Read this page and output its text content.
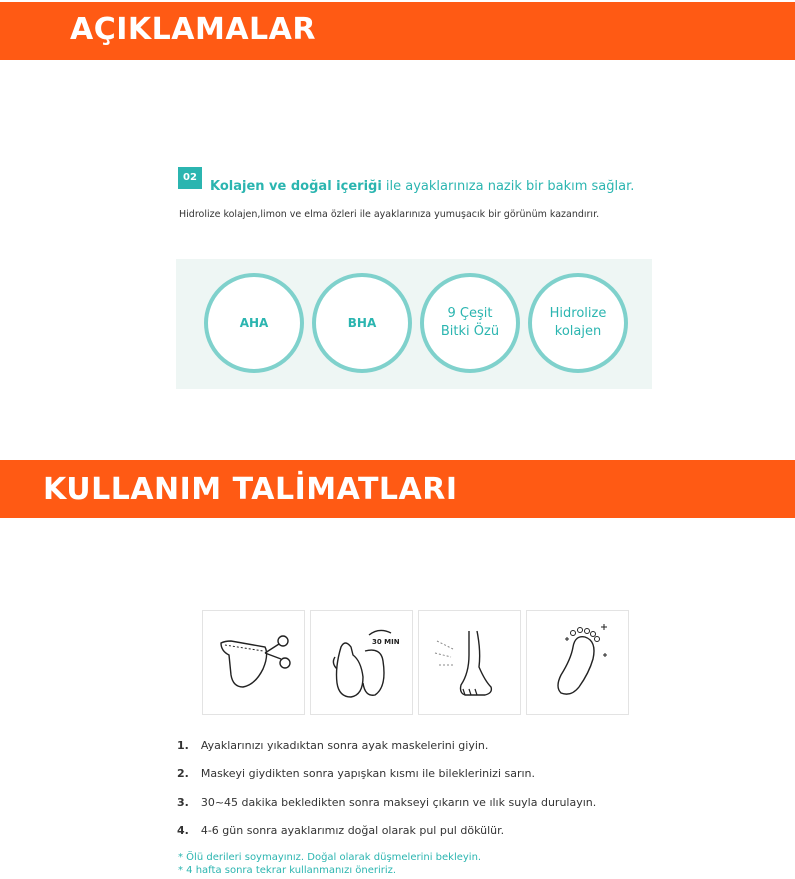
AÇIKLAMALAR
02
Kolajen ve doğal içeriği ile ayaklarınıza nazik bir bakım sağlar.
Hidrolize kolajen,limon ve elma özleri ile ayaklarınıza yumuşacık bir görünüm kazandırır.
AHA	BHA
9 Çeşit
Bitki Özü
Hidrolize
kolajen
KULLANIM TALİMATLARI
30 MIN
1. Ayaklarınızı yıkadıktan sonra ayak maskelerini giyin.
2. Maskeyi giydikten sonra yapışkan kısmı ile bileklerinizi sarın.
3. 30~45 dakika bekledikten sonra makseyi çıkarın ve ılık suyla durulayın.
4. 4-6 gün sonra ayaklarımız doğal olarak pul pul dökülür.
* Ölü derileri soymayınız. Doğal olarak düşmelerini bekleyin.
* 4 hafta sonra tekrar kullanmanızı öneririz.
